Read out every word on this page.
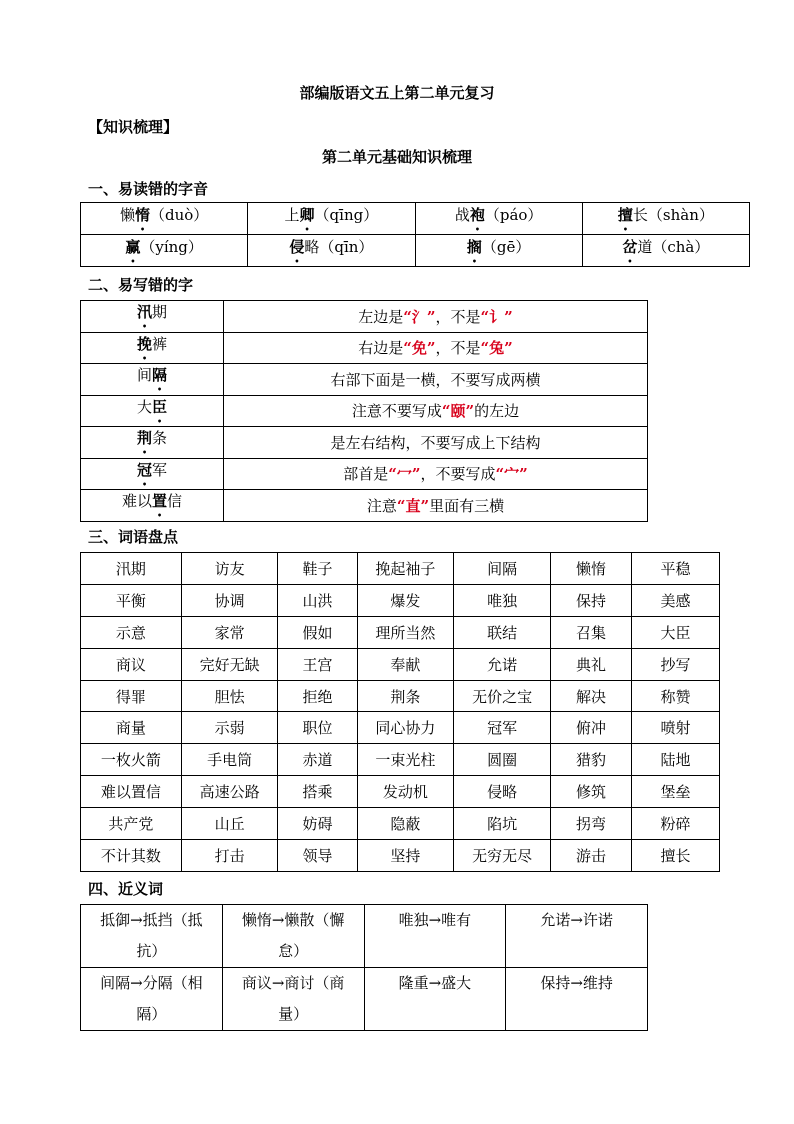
部编版语文五上第二单元复习
【知识梳理】
第二单元基础知识梳理
一、易读错的字音
懒惰（duò）	上卿（qīng）	战袍（páo）	擅长（shàn）
赢（yíng）	侵略（qīn）	搁（gē）	岔道（chà）
二、易写错的字
汛期	左边是“氵”，不是“讠”
挽裤	右边是“免”，不是“兔”
间隔	右部下面是一横，不要写成两横
大臣	注意不要写成“颐”的左边
荆条	是左右结构，不要写成上下结构
冠军	部首是“冖”，不要写成“宀”
难以置信	注意“直”里面有三横
三、词语盘点
汛期	访友	鞋子	挽起袖子	间隔	懒惰	平稳
平衡	协调	山洪	爆发	唯独	保持	美感
示意	家常	假如	理所当然	联结	召集	大臣
商议	完好无缺	王宫	奉献	允诺	典礼	抄写
得罪	胆怯	拒绝	荆条	无价之宝	解决	称赞
商量	示弱	职位	同心协力	冠军	俯冲	喷射
一枚火箭	手电筒	赤道	一束光柱	圆圈	猎豹	陆地
难以置信	高速公路	搭乘	发动机	侵略	修筑	堡垒
共产党	山丘	妨碍	隐蔽	陷坑	拐弯	粉碎
不计其数	打击	领导	坚持	无穷无尽	游击	擅长
四、近义词
抵御→抵挡（抵抗）	懒惰→懒散（懈怠）	唯独→唯有	允诺→许诺
间隔→分隔（相隔）	商议→商讨（商量）	隆重→盛大	保持→维持
